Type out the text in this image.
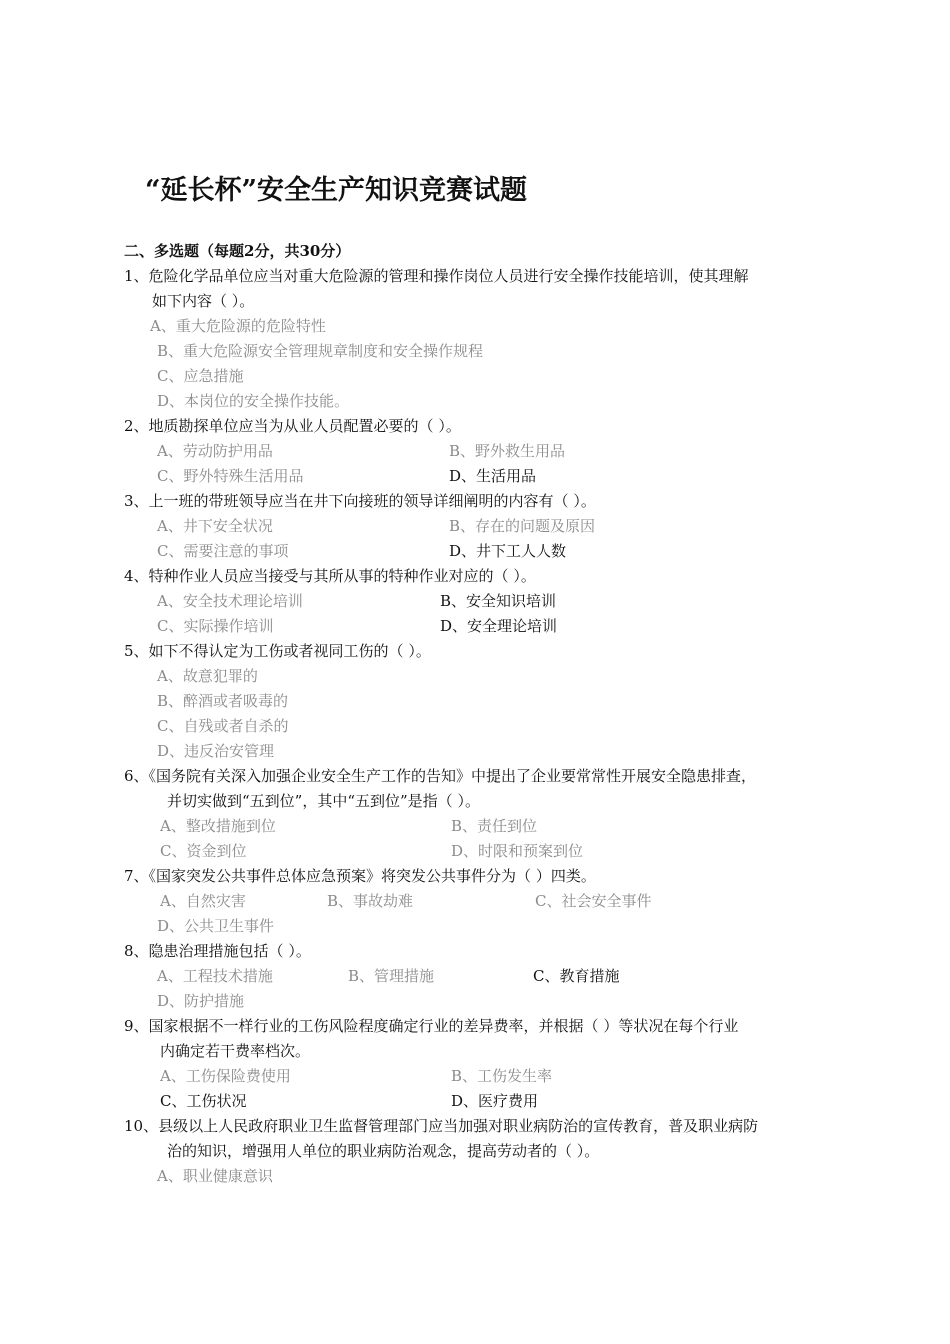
“延长杯”安全生产知识竞赛试题
二、多选题（每题2分，共30分）
1、危险化学品单位应当对重大危险源的管理和操作岗位人员进行安全操作技能培训，使其理解
如下内容（ ）。
A、重大危险源的危险特性
B、重大危险源安全管理规章制度和安全操作规程
C、应急措施
D、本岗位的安全操作技能。
2、地质勘探单位应当为从业人员配置必要的（ ）。
A、劳动防护用品	B、野外救生用品
C、野外特殊生活用品	D、生活用品
3、上一班的带班领导应当在井下向接班的领导详细阐明的内容有（ ）。
A、井下安全状况	B、存在的问题及原因
C、需要注意的事项	D、井下工人人数
4、特种作业人员应当接受与其所从事的特种作业对应的（ ）。
A、安全技术理论培训	B、安全知识培训
C、实际操作培训	D、安全理论培训
5、如下不得认定为工伤或者视同工伤的（ ）。
A、故意犯罪的
B、醉酒或者吸毒的
C、自残或者自杀的
D、违反治安管理
6、《国务院有关深入加强企业安全生产工作的告知》中提出了企业要常常性开展安全隐患排查，
并切实做到“五到位”，其中“五到位”是指（ ）。
A、整改措施到位	B、责任到位
C、资金到位	D、时限和预案到位
7、《国家突发公共事件总体应急预案》将突发公共事件分为（ ）四类。
A、自然灾害	B、事故劫难	C、社会安全事件
D、公共卫生事件
8、隐患治理措施包括（ ）。
A、工程技术措施	B、管理措施	C、教育措施
D、防护措施
9、国家根据不一样行业的工伤风险程度确定行业的差异费率，并根据（ ）等状况在每个行业
内确定若干费率档次。
A、工伤保险费使用	B、工伤发生率
C、工伤状况	D、医疗费用
10、县级以上人民政府职业卫生监督管理部门应当加强对职业病防治的宣传教育，普及职业病防
治的知识，增强用人单位的职业病防治观念，提高劳动者的（ ）。
A、职业健康意识
